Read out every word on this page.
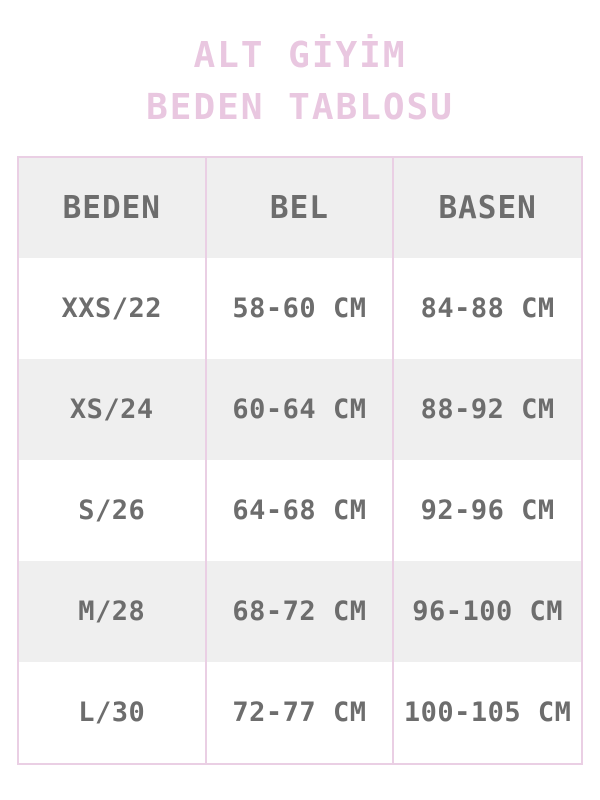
ALT GİYİM
BEDEN TABLOSU
BEDEN	BEL	BASEN
XXS/22	58-60 CM	84-88 CM
XS/24	60-64 CM	88-92 CM
S/26	64-68 CM	92-96 CM
M/28	68-72 CM	96-100 CM
L/30	72-77 CM	100-105 CM
